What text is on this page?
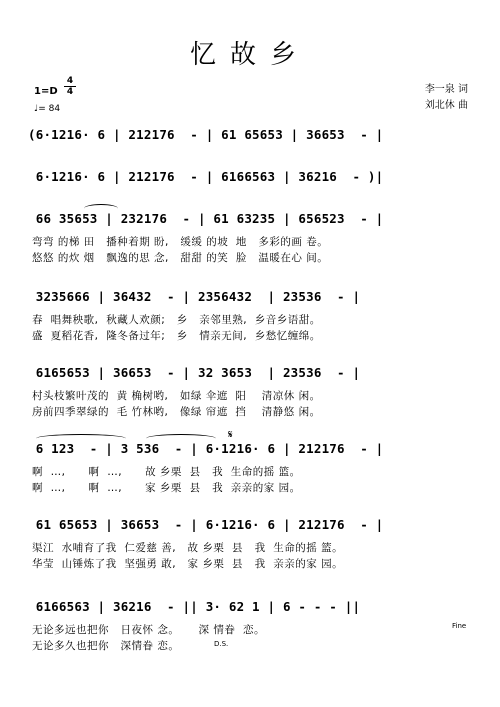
忆故乡
1=D
4
4
♩= 84
李一泉 词
刘北休 曲
(6·1216· 6 | 212176  - | 61 65653 | 36653  - |
6·1216· 6 | 212176  - | 6166563 | 36216  - )|
66 35653 | 232176  - | 61 63235 | 656523  - |
弯弯 的梯 田   播种着期 盼,   缓缓 的坡  地   多彩的画 卷。
悠悠 的炊 烟   飘逸的思 念,   甜甜 的笑  脸   温暖在心 间。
3235666 | 36432  - | 2356432  | 23536  - |
春  唱舞秧歌,  秋藏人欢颜;   乡   亲邻里熟,  乡音乡语甜。
盛  夏稻花香,  隆冬备过年;   乡   情亲无间,  乡愁忆缠绵。
6165653 | 36653  - | 32 3653  | 23536  - |
村头枝繁叶茂的  黄 桷树哟,   如绿 伞遮  阳    清凉休 闲。
房前四季翠绿的  毛 竹林哟,   像绿 帘遮  挡    清静悠 闲。
𝄋
6 123  - | 3 536  - | 6·1216· 6 | 212176  - |
啊  …,      啊  …,      故 乡栗  县   我  生命的摇 篮。
啊  …,      啊  …,      家 乡栗  县   我  亲亲的家 园。
61 65653 | 36653  - | 6·1216· 6 | 212176  - |
渠江  水哺育了我  仁爱慈 善,   故 乡栗  县   我  生命的摇 篮。
华莹  山锤炼了我  坚强勇 敢,   家 乡栗  县   我  亲亲的家 园。
6166563 | 36216  - || 3· 62 1 | 6 - - - ||
无论多远也把你   日夜怀 念。     深 情眷  恋。
无论多久也把你   深情眷 恋。	D.S.
Fine
